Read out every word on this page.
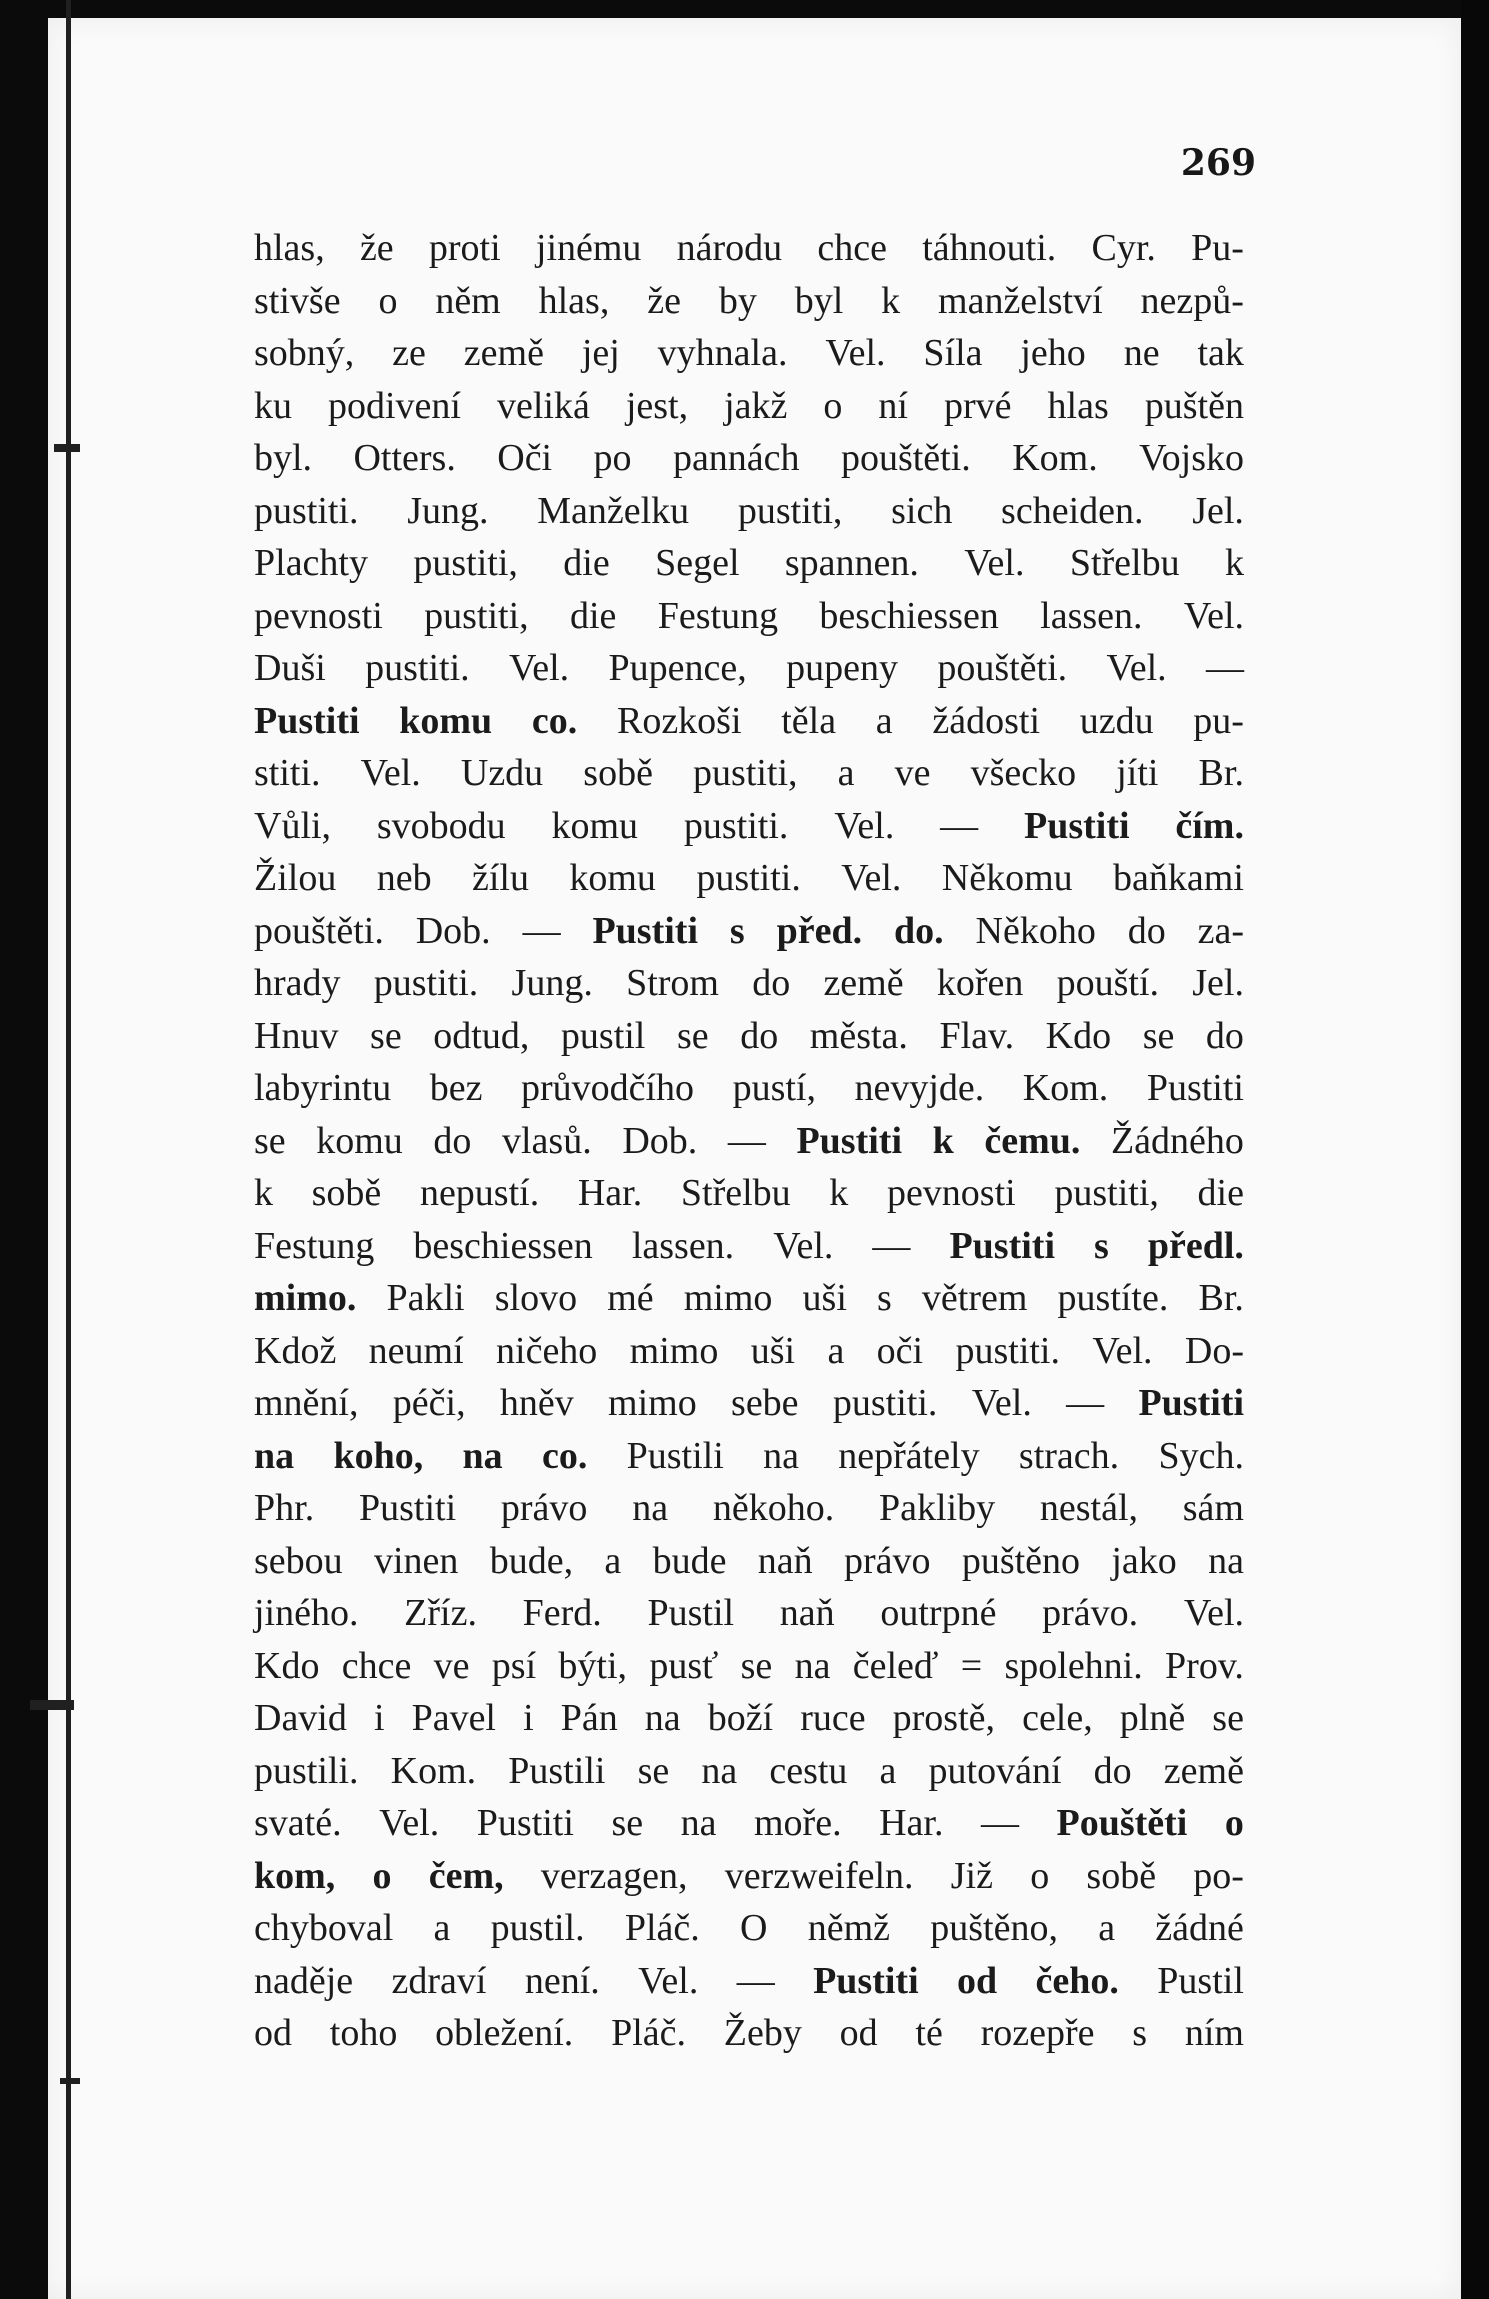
269
hlas, že proti jinému národu chce táhnouti. Cyr. Pu-
stivše o něm hlas, že by byl k manželství nezpů-
sobný, ze země jej vyhnala. Vel. Síla jeho ne tak
ku podivení veliká jest, jakž o ní prvé hlas puštěn
byl. Otters. Oči po pannách pouštěti. Kom. Vojsko
pustiti. Jung. Manželku pustiti, sich scheiden. Jel.
Plachty pustiti, die Segel spannen. Vel. Střelbu k
pevnosti pustiti, die Festung beschiessen lassen. Vel.
Duši pustiti. Vel. Pupence, pupeny pouštěti. Vel. —
Pustiti komu co. Rozkoši těla a žádosti uzdu pu-
stiti. Vel. Uzdu sobě pustiti, a ve všecko jíti Br.
Vůli, svobodu komu pustiti. Vel. — Pustiti čím.
Žilou neb žílu komu pustiti. Vel. Někomu baňkami
pouštěti. Dob. — Pustiti s před. do. Někoho do za-
hrady pustiti. Jung. Strom do země kořen pouští. Jel.
Hnuv se odtud, pustil se do města. Flav. Kdo se do
labyrintu bez průvodčího pustí, nevyjde. Kom. Pustiti
se komu do vlasů. Dob. — Pustiti k čemu. Žádného
k sobě nepustí. Har. Střelbu k pevnosti pustiti, die
Festung beschiessen lassen. Vel. — Pustiti s předl.
mimo. Pakli slovo mé mimo uši s větrem pustíte. Br.
Kdož neumí ničeho mimo uši a oči pustiti. Vel. Do-
mnění, péči, hněv mimo sebe pustiti. Vel. — Pustiti
na koho, na co. Pustili na nepřátely strach. Sych.
Phr. Pustiti právo na někoho. Pakliby nestál, sám
sebou vinen bude, a bude naň právo puštěno jako na
jiného. Zříz. Ferd. Pustil naň outrpné právo. Vel.
Kdo chce ve psí býti, pusť se na čeleď = spolehni. Prov.
David i Pavel i Pán na boží ruce prostě, cele, plně se
pustili. Kom. Pustili se na cestu a putování do země
svaté. Vel. Pustiti se na moře. Har. — Pouštěti o
kom, o čem, verzagen, verzweifeln. Již o sobě po-
chyboval a pustil. Pláč. O němž puštěno, a žádné
naděje zdraví není. Vel. — Pustiti od čeho. Pustil
od toho obležení. Pláč. Žeby od té rozepře s ním
